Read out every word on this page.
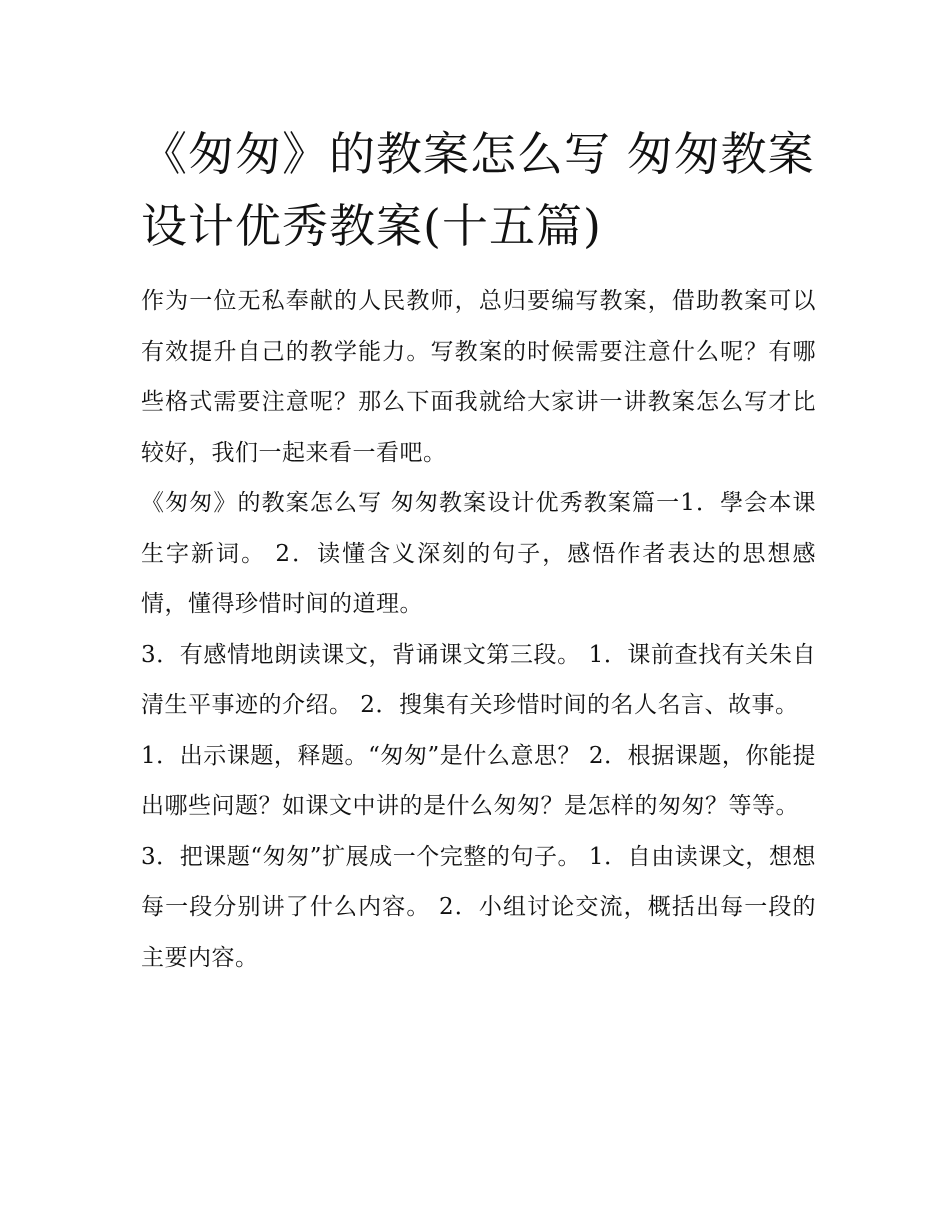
《匆匆》的教案怎么写 匆匆教案设计优秀教案(十五篇)

作为一位无私奉献的人民教师，总归要编写教案，借助教案可以有效提升自己的教学能力。写教案的时候需要注意什么呢？有哪些格式需要注意呢？那么下面我就给大家讲一讲教案怎么写才比较好，我们一起来看一看吧。

《匆匆》的教案怎么写 匆匆教案设计优秀教案篇一1．學会本课生字新词。 2．读懂含义深刻的句子，感悟作者表达的思想感情，懂得珍惜时间的道理。

3．有感情地朗读课文，背诵课文第三段。 1．课前查找有关朱自清生平事迹的介绍。 2．搜集有关珍惜时间的名人名言、故事。

1．出示课题，释题。“匆匆”是什么意思？ 2．根据课题，你能提出哪些问题？如课文中讲的是什么匆匆？是怎样的匆匆？等等。

3．把课题“匆匆”扩展成一个完整的句子。 1．自由读课文，想想每一段分别讲了什么内容。 2．小组讨论交流，概括出每一段的主要内容。
